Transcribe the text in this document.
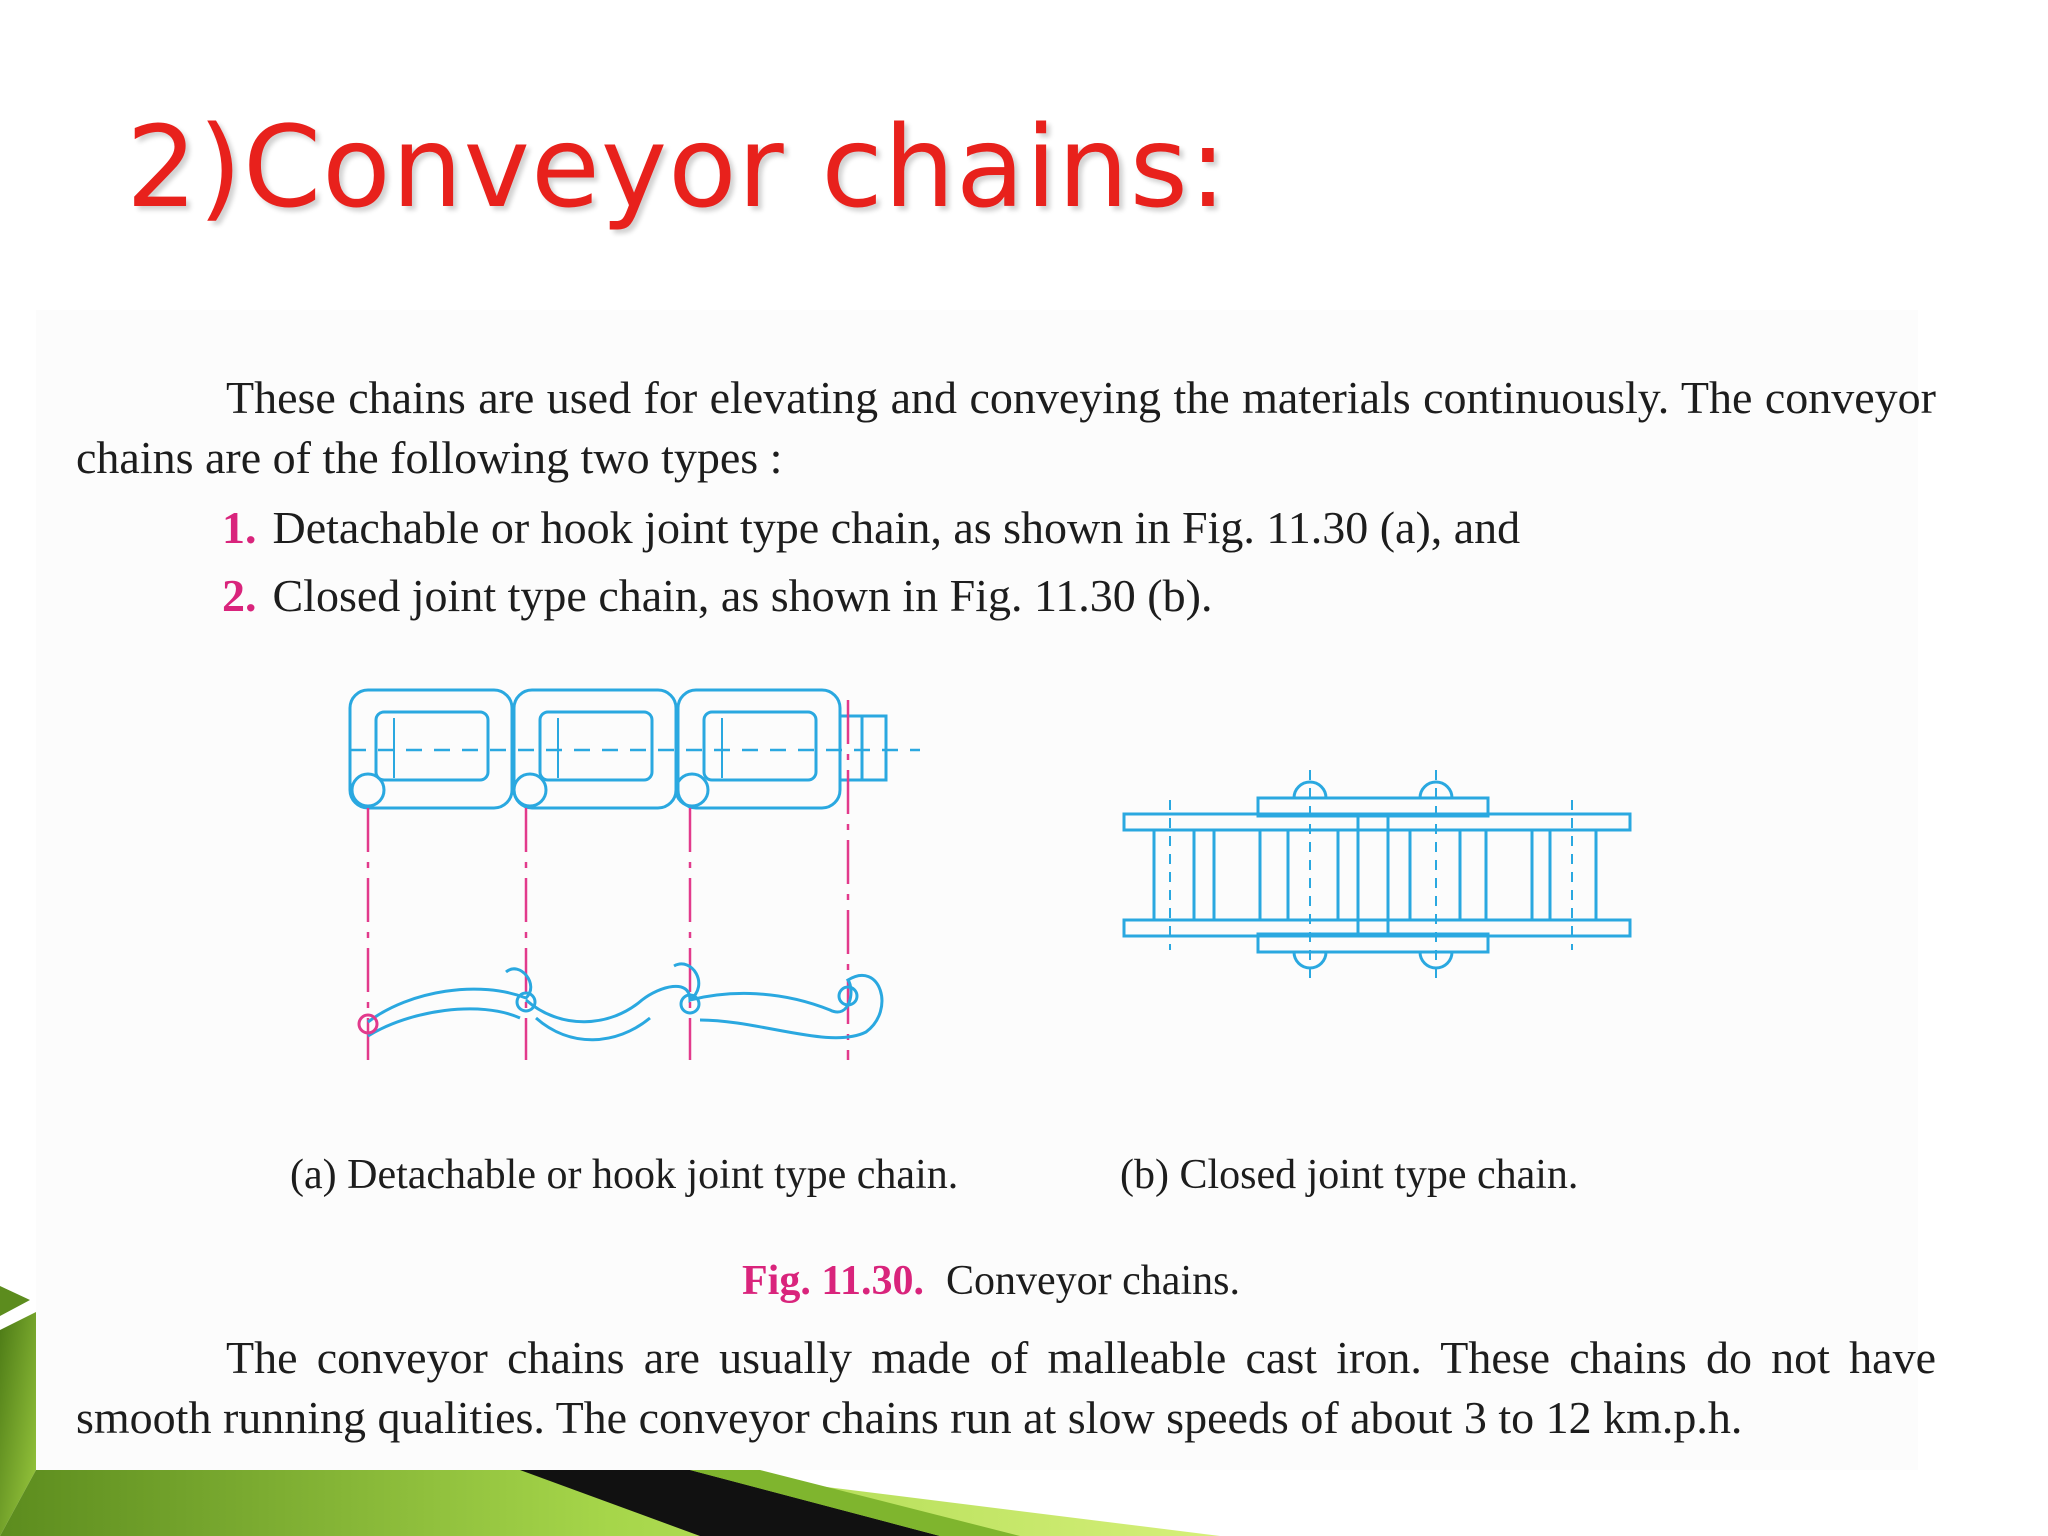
2)Conveyor chains:

These chains are used for elevating and conveying the materials continuously. The conveyor chains are of the following two types :

1. Detachable or hook joint type chain, as shown in Fig. 11.30 (a), and
2. Closed joint type chain, as shown in Fig. 11.30 (b).
(a) Detachable or hook joint type chain.	(b) Closed joint type chain.
Fig. 11.30. Conveyor chains.

The conveyor chains are usually made of malleable cast iron. These chains do not have smooth running qualities. The conveyor chains run at slow speeds of about 3 to 12 km.p.h.
